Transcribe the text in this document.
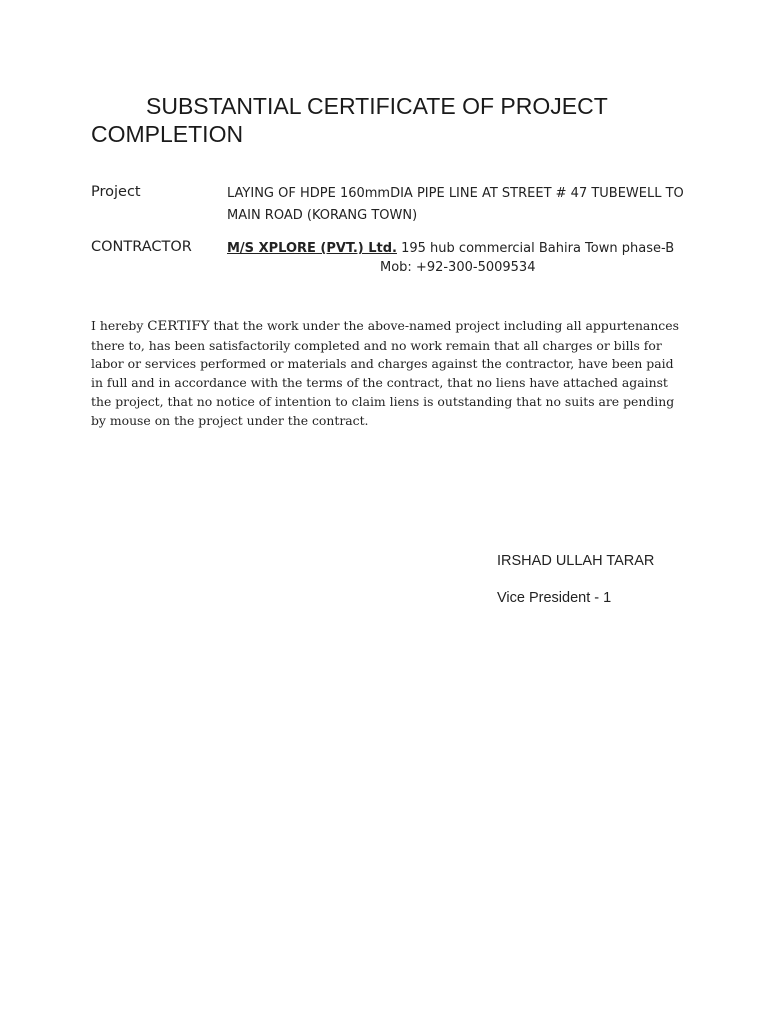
SUBSTANTIAL CERTIFICATE OF PROJECT
COMPLETION
Project	LAYING OF HDPE 160mmDIA PIPE LINE AT STREET # 47 TUBEWELL TO
MAIN ROAD (KORANG TOWN)
CONTRACTOR	M/S XPLORE (PVT.) Ltd. 195 hub commercial Bahira Town phase-B
Mob: +92-300-5009534

I hereby CERTIFY that the work under the above-named project including all appurtenances there to, has been satisfactorily completed and no work remain that all charges or bills for labor or services performed or materials and charges against the contractor, have been paid in full and in accordance with the terms of the contract, that no liens have attached against the project, that no notice of intention to claim liens is outstanding that no suits are pending by mouse on the project under the contract.

IRSHAD ULLAH TARAR
Vice President - 1
